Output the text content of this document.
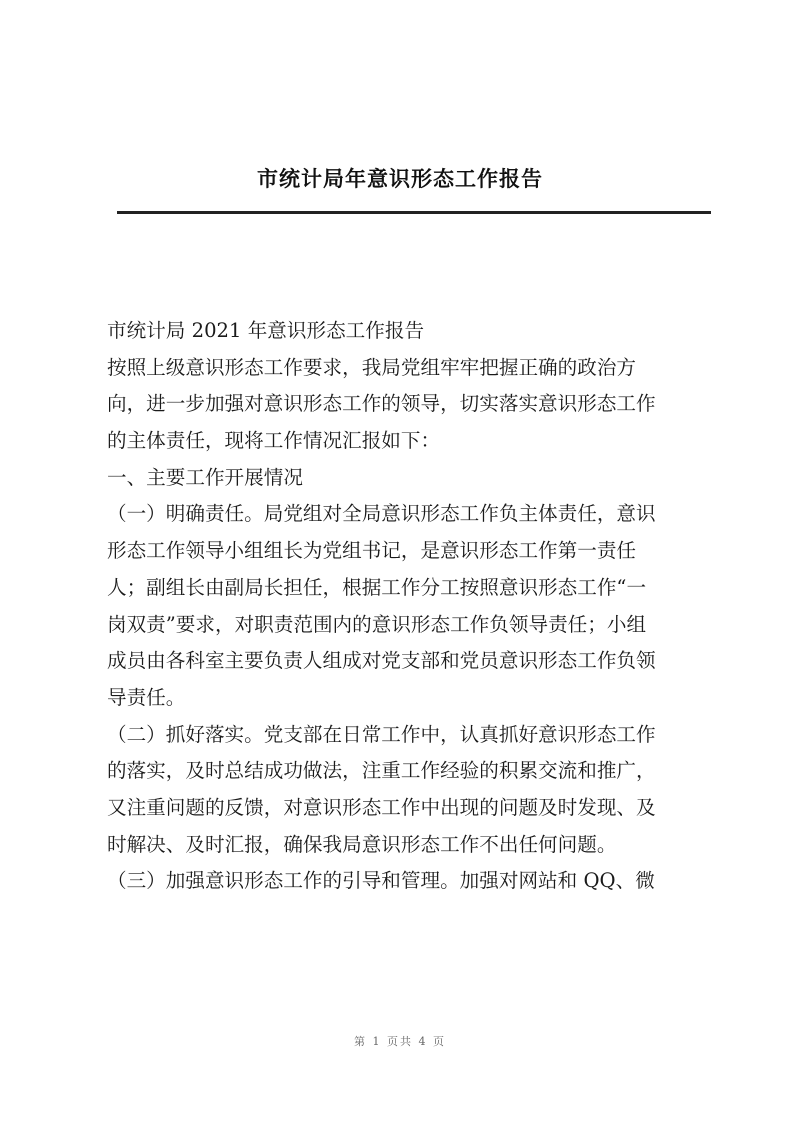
市统计局年意识形态工作报告
市统计局 2021 年意识形态工作报告
按照上级意识形态工作要求，我局党组牢牢把握正确的政治方
向，进一步加强对意识形态工作的领导，切实落实意识形态工作
的主体责任，现将工作情况汇报如下：
一、主要工作开展情况
（一）明确责任。局党组对全局意识形态工作负主体责任，意识
形态工作领导小组组长为党组书记，是意识形态工作第一责任
人；副组长由副局长担任，根据工作分工按照意识形态工作“一
岗双责”要求，对职责范围内的意识形态工作负领导责任；小组
成员由各科室主要负责人组成对党支部和党员意识形态工作负领
导责任。
（二）抓好落实。党支部在日常工作中，认真抓好意识形态工作
的落实，及时总结成功做法，注重工作经验的积累交流和推广，
又注重问题的反馈，对意识形态工作中出现的问题及时发现、及
时解决、及时汇报，确保我局意识形态工作不出任何问题。
（三）加强意识形态工作的引导和管理。加强对网站和 QQ、微
第 1 页共 4 页
